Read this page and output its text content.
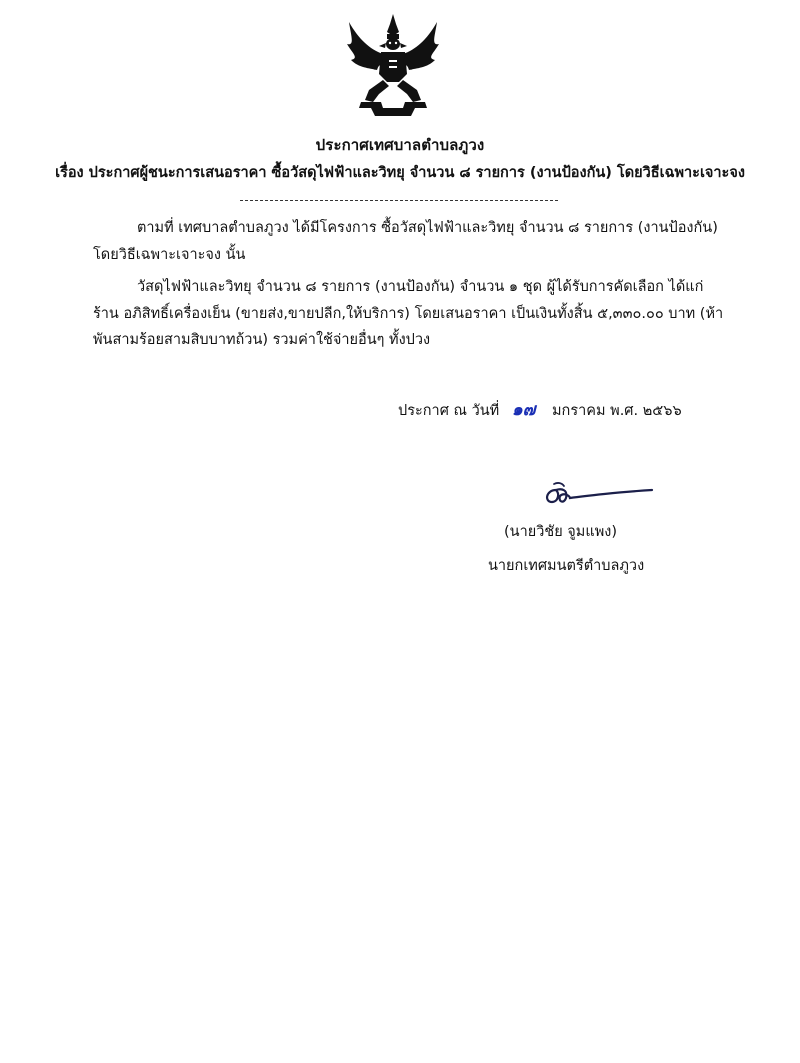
ประกาศเทศบาลตำบลภูวง
เรื่อง ประกาศผู้ชนะการเสนอราคา ซื้อวัสดุไฟฟ้าและวิทยุ จำนวน ๘ รายการ (งานป้องกัน) โดยวิธีเฉพาะเจาะจง

ตามที่ เทศบาลตำบลภูวง ได้มีโครงการ ซื้อวัสดุไฟฟ้าและวิทยุ จำนวน ๘ รายการ (งานป้องกัน) โดยวิธีเฉพาะเจาะจง นั้น

วัสดุไฟฟ้าและวิทยุ จำนวน ๘ รายการ (งานป้องกัน) จำนวน ๑ ชุด ผู้ได้รับการคัดเลือก ได้แก่ ร้าน อภิสิทธิ์เครื่องเย็น (ขายส่ง,ขายปลีก,ให้บริการ) โดยเสนอราคา เป็นเงินทั้งสิ้น ๕,๓๓๐.๐๐ บาท (ห้าพันสามร้อยสามสิบบาทถ้วน) รวมค่าใช้จ่ายอื่นๆ ทั้งปวง

ประกาศ ณ วันที่ ๑๗ มกราคม พ.ศ. ๒๕๖๖
(นายวิชัย จูมแพง)
นายกเทศมนตรีตำบลภูวง
